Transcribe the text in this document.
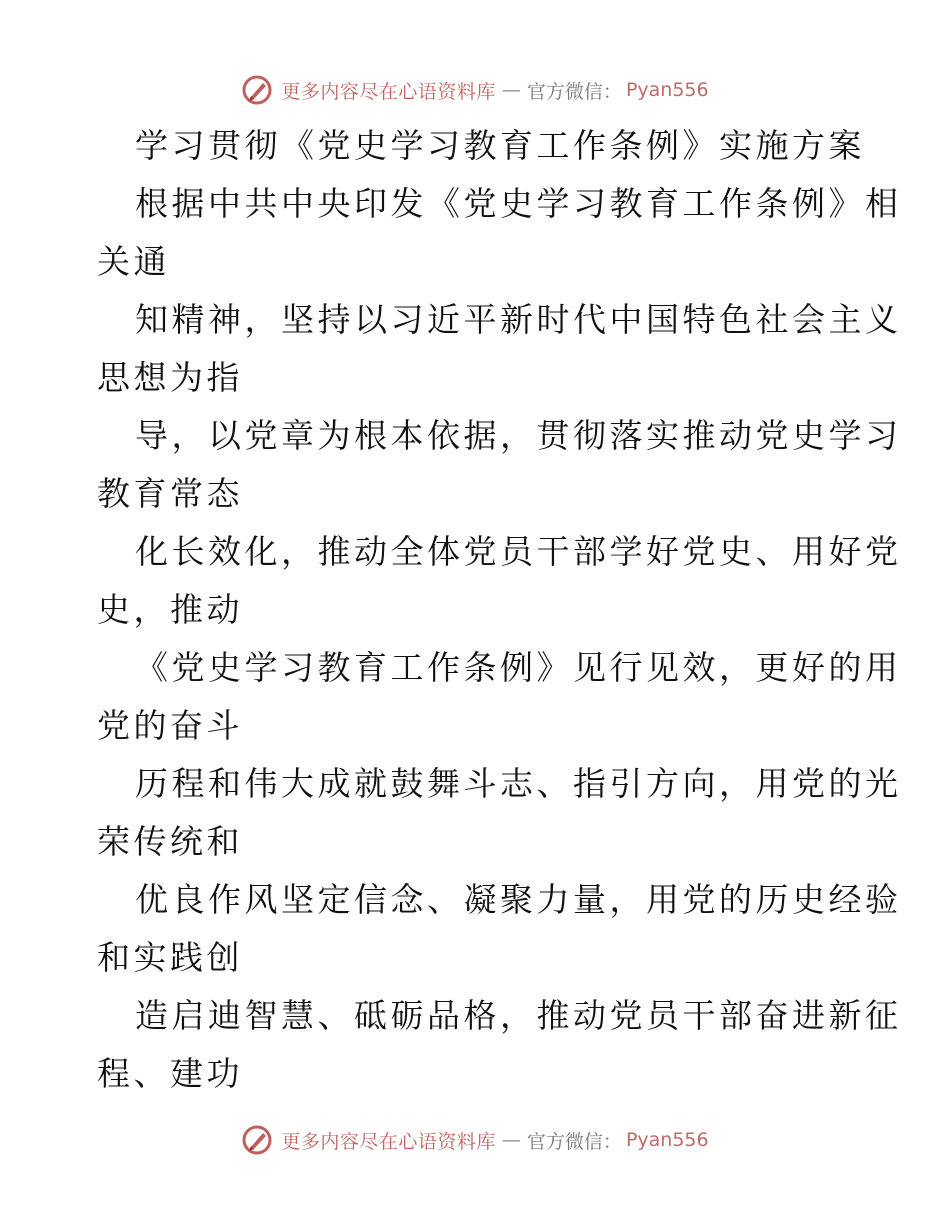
更多内容尽在心语资料库 — 官方微信： Pyan556
学习贯彻《党史学习教育工作条例》实施方案
根据中共中央印发《党史学习教育工作条例》相
关通
知精神，坚持以习近平新时代中国特色社会主义
思想为指
导，以党章为根本依据，贯彻落实推动党史学习
教育常态
化长效化，推动全体党员干部学好党史、用好党
史，推动
《党史学习教育工作条例》见行见效，更好的用
党的奋斗
历程和伟大成就鼓舞斗志、指引方向，用党的光
荣传统和
优良作风坚定信念、凝聚力量，用党的历史经验
和实践创
造启迪智慧、砥砺品格，推动党员干部奋进新征
程、建功
更多内容尽在心语资料库 — 官方微信： Pyan556
